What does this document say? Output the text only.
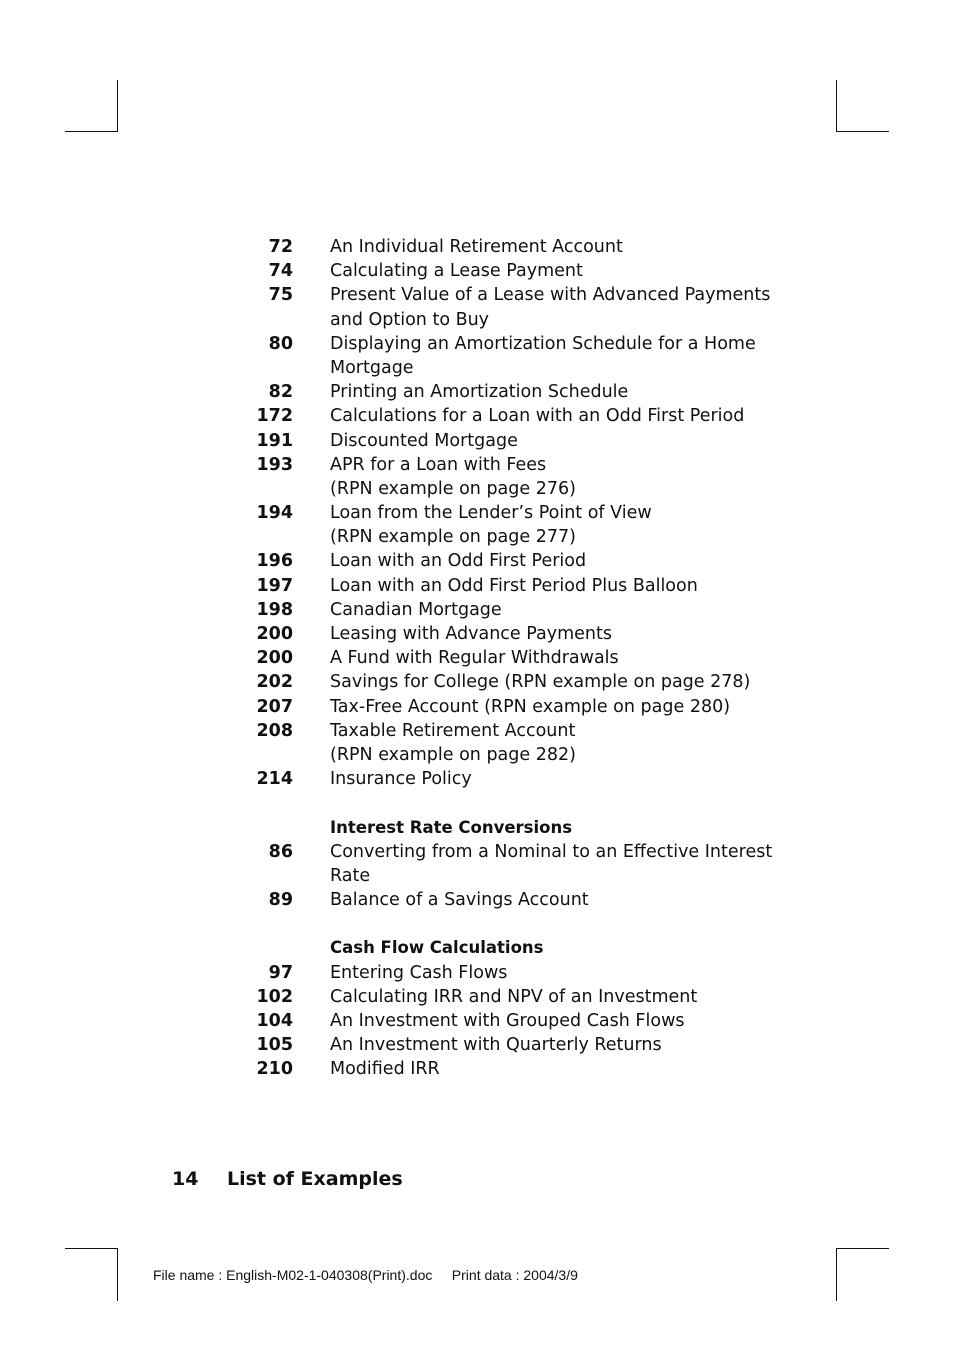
72 An Individual Retirement Account
74 Calculating a Lease Payment
75 Present Value of a Lease with Advanced Payments
and Option to Buy
80 Displaying an Amortization Schedule for a Home
Mortgage
82 Printing an Amortization Schedule
172 Calculations for a Loan with an Odd First Period
191 Discounted Mortgage
193 APR for a Loan with Fees
(RPN example on page 276)
194 Loan from the Lender’s Point of View
(RPN example on page 277)
196 Loan with an Odd First Period
197 Loan with an Odd First Period Plus Balloon
198 Canadian Mortgage
200 Leasing with Advance Payments
200 A Fund with Regular Withdrawals
202 Savings for College (RPN example on page 278)
207 Tax-Free Account (RPN example on page 280)
208 Taxable Retirement Account
(RPN example on page 282)
214 Insurance Policy
Interest Rate Conversions
86 Converting from a Nominal to an Effective Interest
Rate
89 Balance of a Savings Account
Cash Flow Calculations
97 Entering Cash Flows
102 Calculating IRR and NPV of an Investment
104 An Investment with Grouped Cash Flows
105 An Investment with Quarterly Returns
210 Modified IRR
14 List of Examples
File name : English-M02-1-040308(Print).doc     Print data : 2004/3/9
